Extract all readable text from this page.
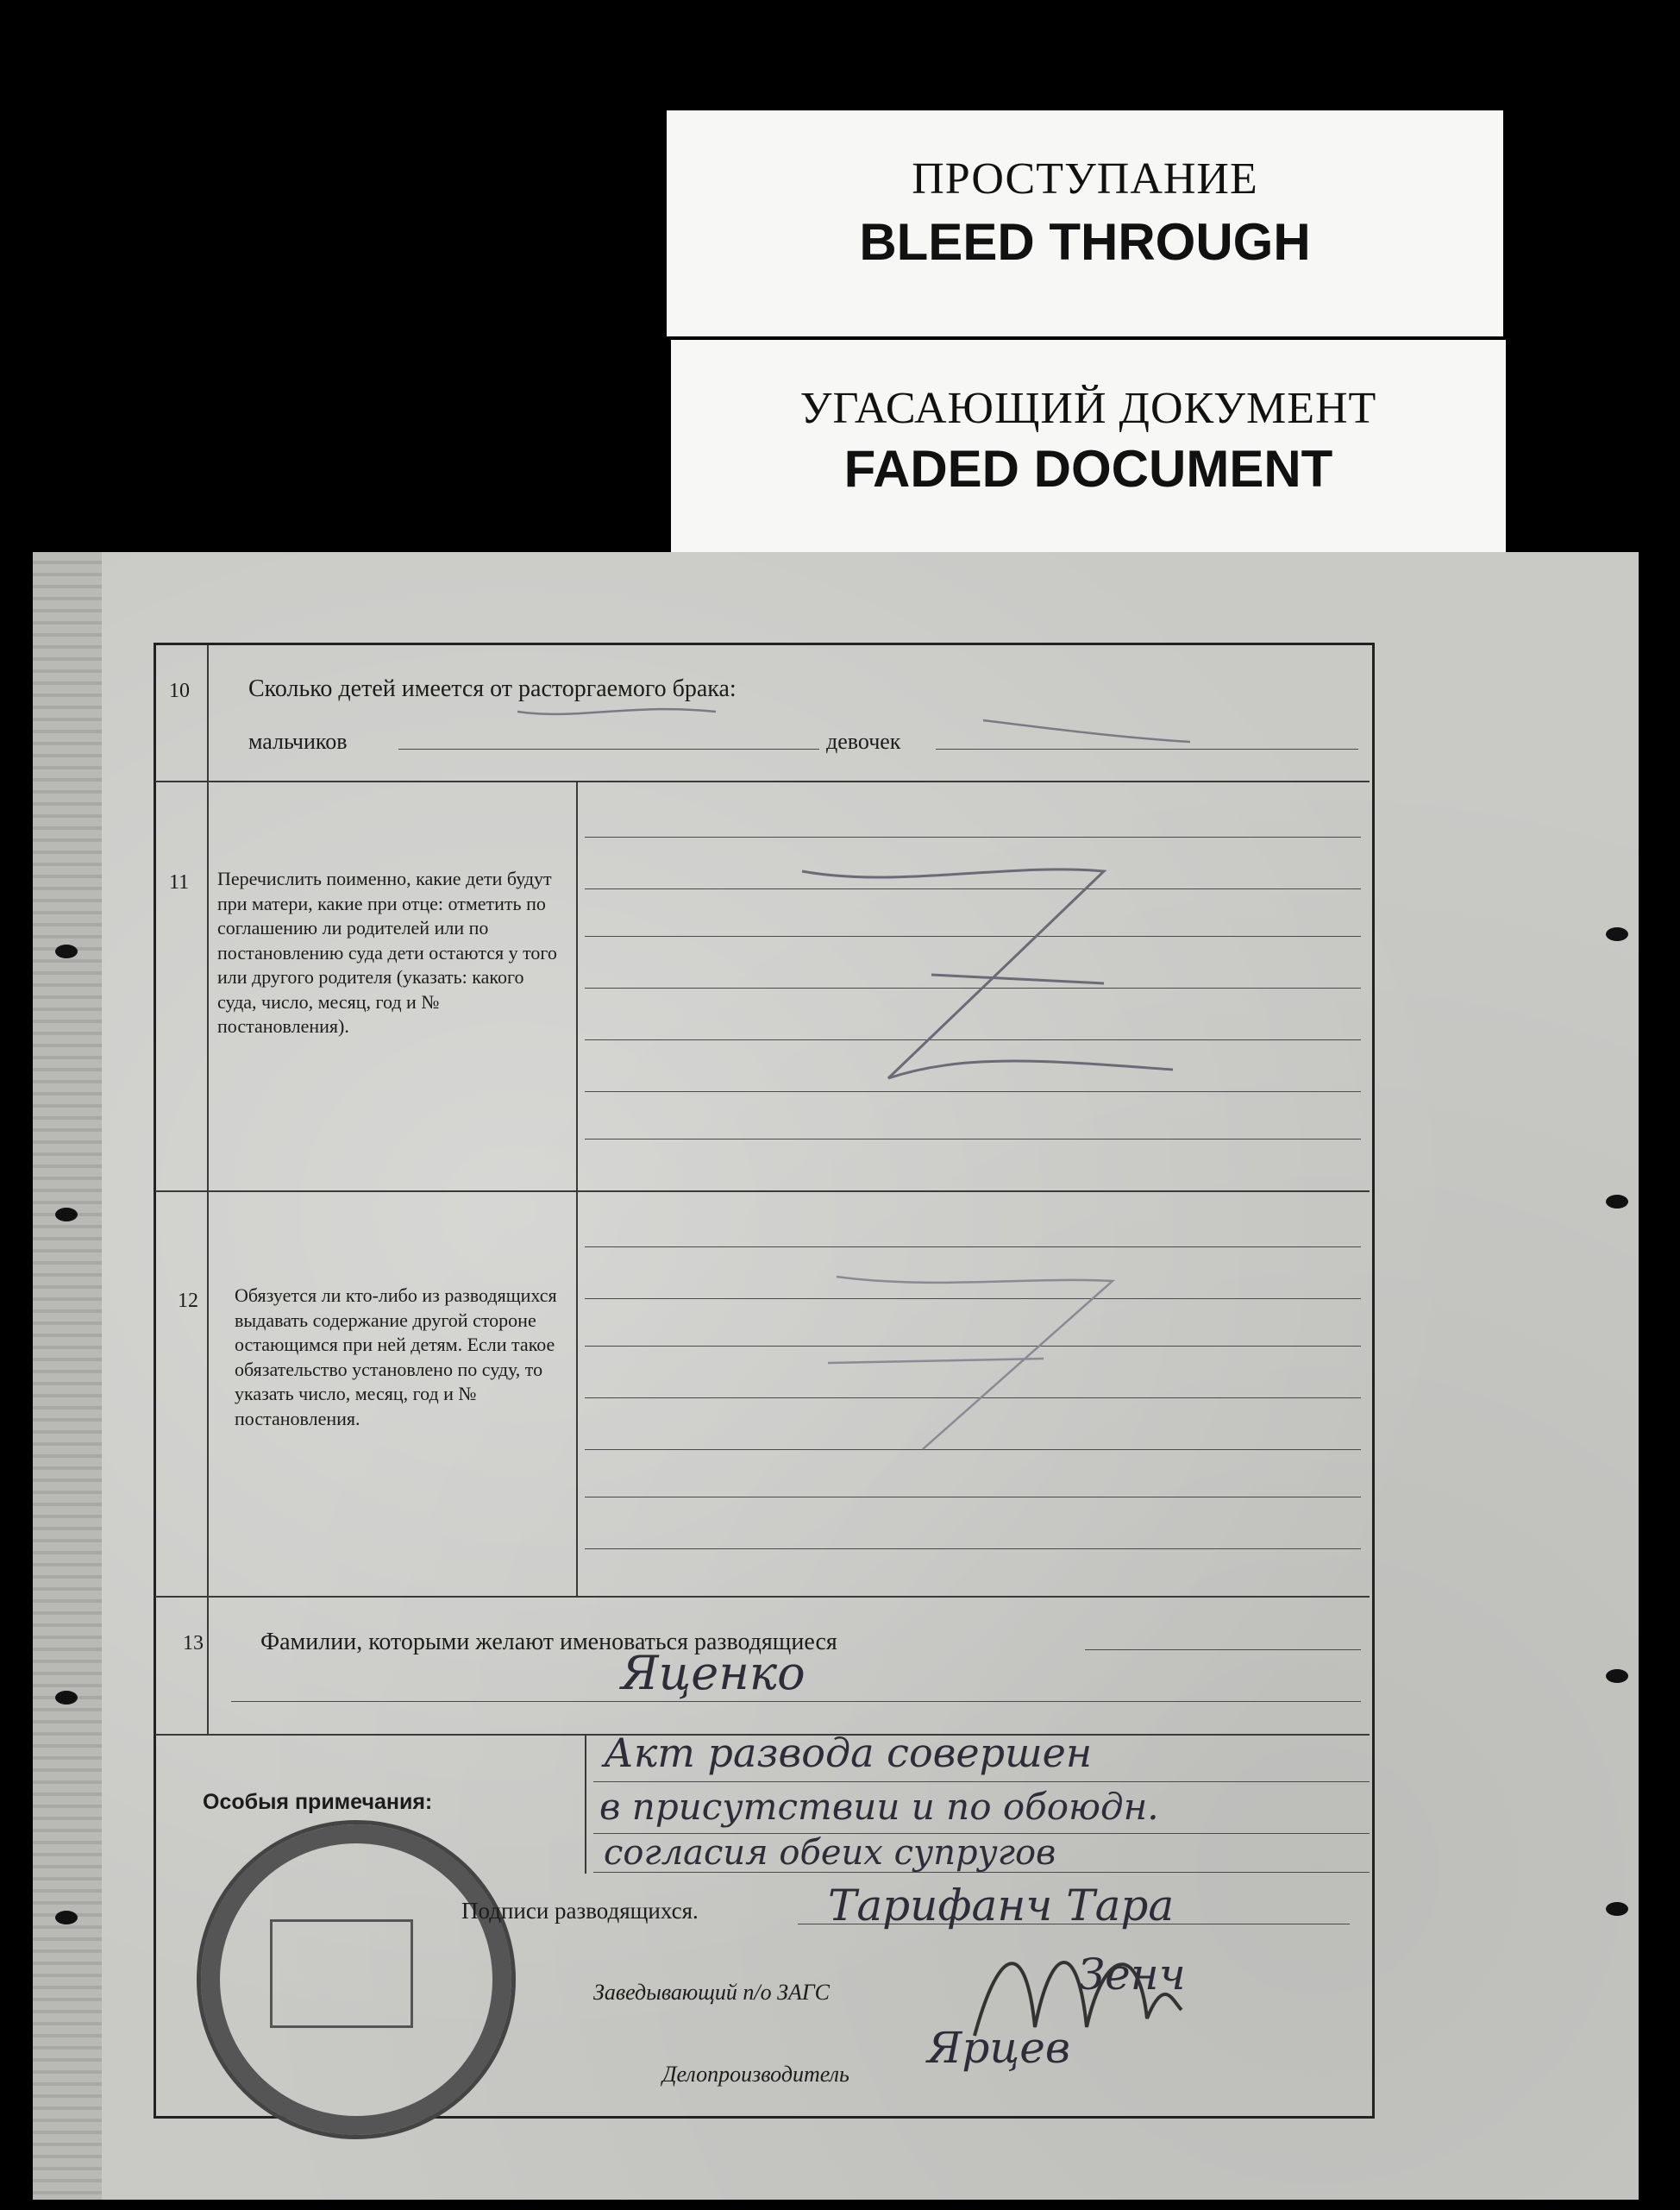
ПРОСТУПАНИЕ
BLEED THROUGH
УГАСАЮЩИЙ ДОКУМЕНТ
FADED DOCUMENT
10 Сколько детей имеется от расторгаемого брака:
мальчиков	девочек
11 Перечислить поименно, какие дети будут при матери, какие при отце: отметить по соглашению ли родителей или по постановлению суда дети остаются у того или другого родителя (указать: какого суда, число, месяц, год и № постановления).
12 Обязуется ли кто-либо из разводящихся выдавать содержание другой стороне остающимся при ней детям. Если такое обязательство установлено по суду, то указать число, месяц, год и № постановления.
13 Фамилии, которыми желают именоваться разводящиеся
Яценко
Особыя примечания:
Акт развода совершен
в присутствии и по обоюдн.
согласия обеих супругов
Подписи разводящихся.	Тарифанч Тара
Заведывающий п/о ЗАГС	Зенч
Делопроизводитель
Ярцев
